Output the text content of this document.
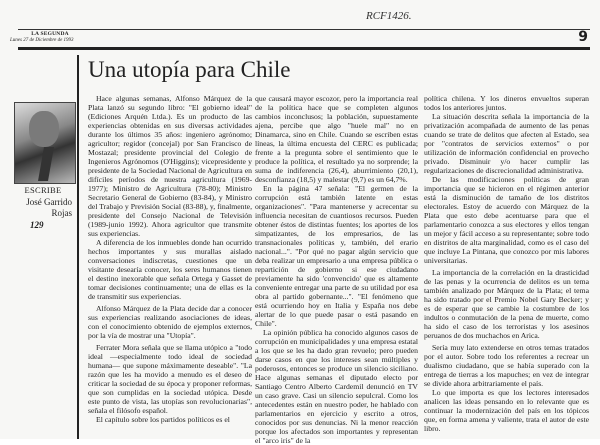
RCF1426.
LA SEGUNDA
Lunes 27 de Diciembre de 1993	9
Una utopía para Chile
ESCRIBE
José Garrido
Rojas
129

Hace algunas semanas, Alfonso Márquez de la Plata lanzó su segundo libro: "El gobierno ideal" (Ediciones Arquén Ltda.). Es un producto de las experiencias obtenidas en sus diversas actividades durante los últimos 35 años: ingeniero agrónomo; agricultor; regidor (concejal) por San Francisco de Mostazal; presidente provincial del Colegio de Ingenieros Agrónomos (O'Higgins); vicepresidente y presidente de la Sociedad Nacional de Agricultura en difíciles períodos de nuestra agricultura (1969-1977); Ministro de Agricultura (78-80); Ministro Secretario General de Gobierno (83-84), y Ministro del Trabajo y Previsión Social (83-88), y, finalmente, presidente del Consejo Nacional de Televisión (1989-junio 1992). Ahora agricultor que transmite sus experiencias.

A diferencia de los inmuebles donde han ocurrido hechos importantes y sus murallas aislado conversaciones indiscretas, cuestiones que un visitante desearía conocer, los seres humanos tienen el destino inexorable que señala Ortega y Gasset de tomar decisiones continuamente; una de ellas es la de transmitir sus experiencias.

Alfonso Márquez de la Plata decide dar a conocer sus experiencias realizando asociaciones de ideas, con el conocimiento obtenido de ejemplos externos, por la vía de mostrar una "Utopía".

Ferrater Mora señala que se llama utópico a "todo ideal —especialmente todo ideal de sociedad humana— que supone máximamente deseable". "La razón que les ha movido a menudo es el deseo de criticar la sociedad de su época y proponer reformas, que son cumplidas en la sociedad utópica. Desde este punto de vista, las utopías son revolucionarias", señala el filósofo español.

El capítulo sobre los partidos políticos es el

que causará mayor escozor, pero la importancia real de la política hace que se completen algunos cambios inconclusos; la población, supuestamente ajena, percibe que algo "huele mal" no en Dinamarca, sino en Chile. Cuando se escriben estas líneas, la última encuesta del CERC es publicada; frente a la pregunta sobre el sentimiento que le produce la política, el resultado ya no sorprende; la suma de indiferencia (26,4), aburrimiento (20,1), desconfianza (18,5) y malestar (9,7) es un 64,7%.

En la página 47 señala: "El germen de la corrupción está también latente en estas organizaciones". "Para mantenerse y acrecentar su influencia necesitan de cuantiosos recursos. Pueden obtener éstos de distintas fuentes; los aportes de los simpatizantes, de los empresarios, de las transnacionales políticas y, también, del erario nacional...". "Por qué no pagar algún servicio que deba realizar un empresario a una empresa pública o repartición de gobierno si ese ciudadano previamente ha sido 'convencido' que es altamente conveniente entregar una parte de su utilidad por esa obra al partido gobernante...". "El fenómeno que está ocurriendo hoy en Italia y España nos debe alertar de lo que puede pasar o está pasando en Chile".

La opinión pública ha conocido algunos casos de corrupción en municipalidades y una empresa estatal a los que se les ha dado gran revuelo; pero pueden darse casos en que los intereses sean múltiples y poderosos, entonces se produce un silencio siciliano. Hace algunas semanas el diputado electo por Santiago Centro Alberto Cardemil denunció en TV un caso grave. Casi un silencio sepulcral. Como los antecedentes están en nuestro poder, he hablado con parlamentarios en ejercicio y escrito a otros, conocidos por sus denuncias. Ni la menor reacción porque los afectados son importantes y representan el "arco iris" de la

política chilena. Y los dineros envueltos superan todos los anteriores juntos.

La situación descrita señala la importancia de la privatización acompañada de aumento de las penas cuando se trate de delitos que afecten al Estado, sea por "contratos de servicios externos" o por utilización de información confidencial en provecho privado. Disminuir y/o hacer cumplir las regularizaciones de discrecionalidad administrativa.

De las modificaciones políticas de gran importancia que se hicieron en el régimen anterior está la disminución de tamaño de los distritos electorales. Estoy de acuerdo con Márquez de la Plata que esto debe acentuarse para que el parlamentario conozca a sus electores y ellos tengan un mejor y fácil acceso a su representante; sobre todo en distritos de alta marginalidad, como es el caso del que incluye La Pintana, que conozco por mis labores universitarias.

La importancia de la correlación en la drasticidad de las penas y la ocurrencia de delitos es un tema también analizado por Márquez de la Plata; el tema ha sido tratado por el Premio Nobel Gary Becker; y es de esperar que se cambie la costumbre de los indultos o conmutación de la pena de muerte, como ha sido el caso de los terroristas y los asesinos peruanos de dos muchachos en Arica.

Sería muy lato extenderse en otros temas tratados por el autor. Sobre todo los referentes a recrear un dualismo ciudadano, que se había superado con la entrega de tierras a los mapuches; en vez de integrar se divide ahora arbitrariamente el país.

Lo que importa es que los lectores interesados analicen las ideas pensando en lo relevante que es continuar la modernización del país en los tópicos que, en forma amena y valiente, trata el autor de este libro.
